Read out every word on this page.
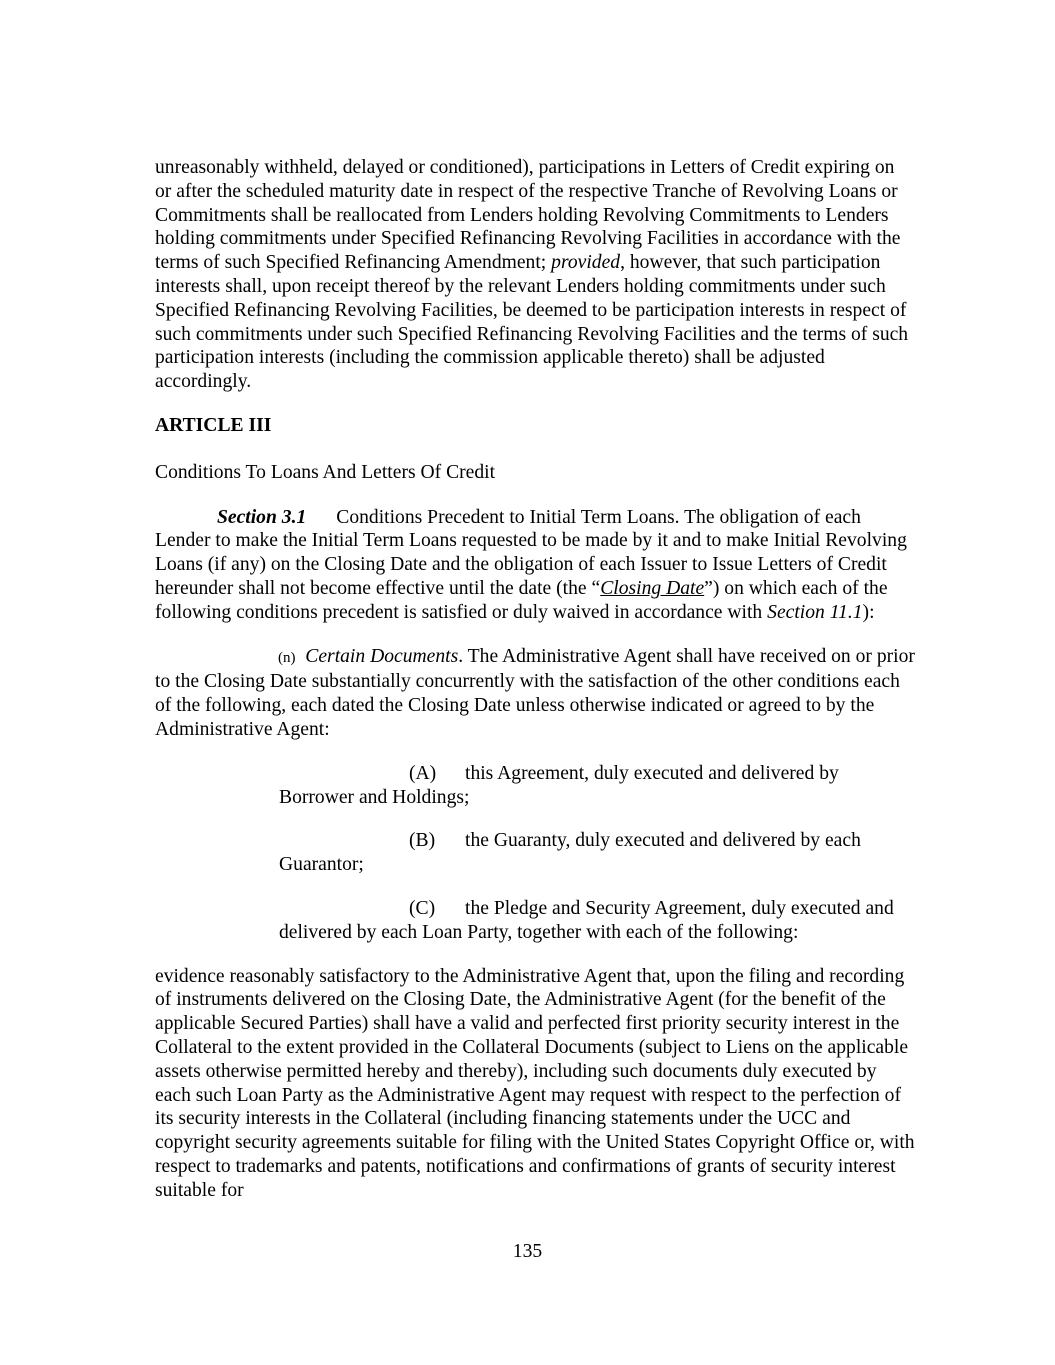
unreasonably withheld, delayed or conditioned), participations in Letters of Credit expiring on or after the scheduled maturity date in respect of the respective Tranche of Revolving Loans or Commitments shall be reallocated from Lenders holding Revolving Commitments to Lenders holding commitments under Specified Refinancing Revolving Facilities in accordance with the terms of such Specified Refinancing Amendment; provided, however, that such participation interests shall, upon receipt thereof by the relevant Lenders holding commitments under such Specified Refinancing Revolving Facilities, be deemed to be participation interests in respect of such commitments under such Specified Refinancing Revolving Facilities and the terms of such participation interests (including the commission applicable thereto) shall be adjusted accordingly.

ARTICLE III

Conditions To Loans And Letters Of Credit

Section 3.1 Conditions Precedent to Initial Term Loans. The obligation of each Lender to make the Initial Term Loans requested to be made by it and to make Initial Revolving Loans (if any) on the Closing Date and the obligation of each Issuer to Issue Letters of Credit hereunder shall not become effective until the date (the “Closing Date”) on which each of the following conditions precedent is satisfied or duly waived in accordance with Section 11.1):

(n) Certain Documents. The Administrative Agent shall have received on or prior to the Closing Date substantially concurrently with the satisfaction of the other conditions each of the following, each dated the Closing Date unless otherwise indicated or agreed to by the Administrative Agent:

(A) this Agreement, duly executed and delivered by Borrower and Holdings;

(B) the Guaranty, duly executed and delivered by each Guarantor;

(C) the Pledge and Security Agreement, duly executed and delivered by each Loan Party, together with each of the following:

evidence reasonably satisfactory to the Administrative Agent that, upon the filing and recording of instruments delivered on the Closing Date, the Administrative Agent (for the benefit of the applicable Secured Parties) shall have a valid and perfected first priority security interest in the Collateral to the extent provided in the Collateral Documents (subject to Liens on the applicable assets otherwise permitted hereby and thereby), including such documents duly executed by each such Loan Party as the Administrative Agent may request with respect to the perfection of its security interests in the Collateral (including financing statements under the UCC and copyright security agreements suitable for filing with the United States Copyright Office or, with respect to trademarks and patents, notifications and confirmations of grants of security interest suitable for

135
